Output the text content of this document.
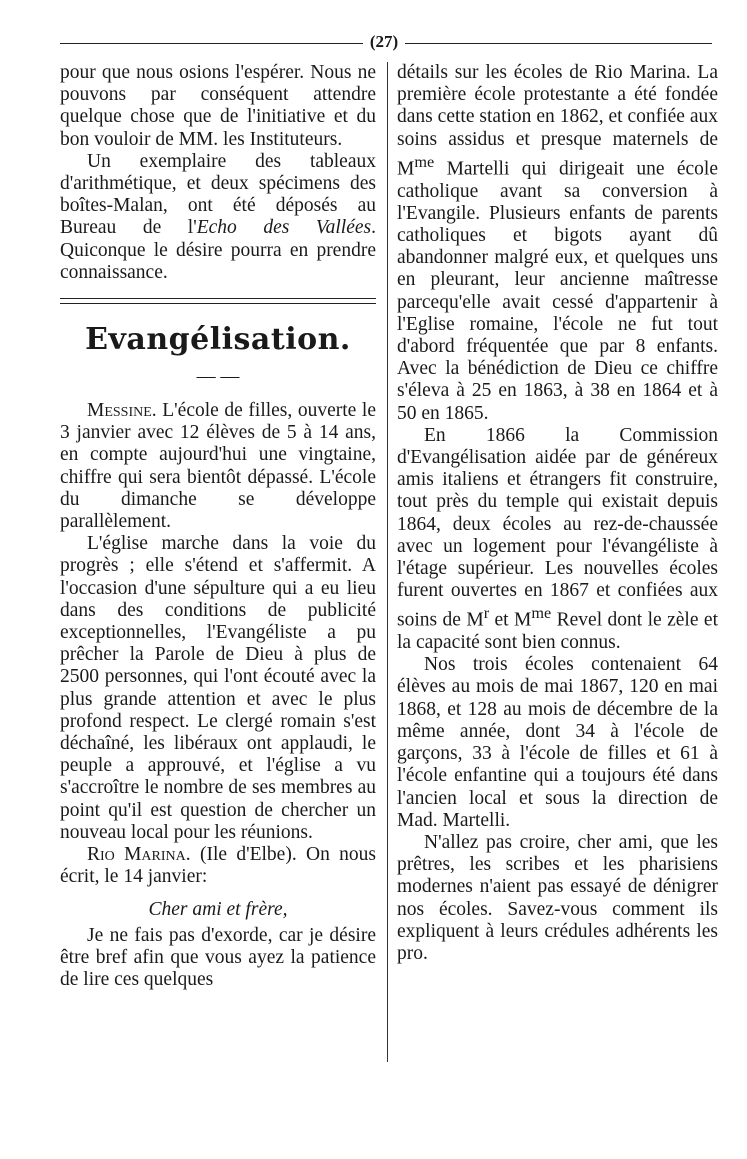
(27)

pour que nous osions l'espérer. Nous ne pouvons par conséquent attendre quelque chose que de l'initiative et du bon vouloir de MM. les Instituteurs.

Un exemplaire des tableaux d'arithmétique, et deux spécimens des boîtes-Malan, ont été déposés au Bureau de l'Echo des Vallées. Quiconque le désire pourra en prendre connaissance.

Evangélisation.
— —

Messine. L'école de filles, ouverte le 3 janvier avec 12 élèves de 5 à 14 ans, en compte aujourd'hui une vingtaine, chiffre qui sera bientôt dépassé. L'école du dimanche se développe parallèlement.

L'église marche dans la voie du progrès ; elle s'étend et s'affermit. A l'occasion d'une sépulture qui a eu lieu dans des conditions de publicité exceptionnelles, l'Evangéliste a pu prêcher la Parole de Dieu à plus de 2500 personnes, qui l'ont écouté avec la plus grande attention et avec le plus profond respect. Le clergé romain s'est déchaîné, les libéraux ont applaudi, le peuple a approuvé, et l'église a vu s'accroître le nombre de ses membres au point qu'il est question de chercher un nouveau local pour les réunions.

Rio Marina. (Ile d'Elbe). On nous écrit, le 14 janvier:

Cher ami et frère,

Je ne fais pas d'exorde, car je désire être bref afin que vous ayez la patience de lire ces quelques

détails sur les écoles de Rio Marina. La première école protestante a été fondée dans cette station en 1862, et confiée aux soins assidus et presque maternels de $M^{me}$ Martelli qui dirigeait une école catholique avant sa conversion à l'Evangile. Plusieurs enfants de parents catholiques et bigots ayant dû abandonner malgré eux, et quelques uns en pleurant, leur ancienne maîtresse parcequ'elle avait cessé d'appartenir à l'Eglise romaine, l'école ne fut tout d'abord fréquentée que par 8 enfants. Avec la bénédiction de Dieu ce chiffre s'éleva à 25 en 1863, à 38 en 1864 et à 50 en 1865.

En 1866 la Commission d'Evangélisation aidée par de généreux amis italiens et étrangers fit construire, tout près du temple qui existait depuis 1864, deux écoles au rez-de-chaussée avec un logement pour l'évangéliste à l'étage supérieur. Les nouvelles écoles furent ouvertes en 1867 et confiées aux soins de $M^r$ et $M^{me}$ Revel dont le zèle et la capacité sont bien connus.

Nos trois écoles contenaient 64 élèves au mois de mai 1867, 120 en mai 1868, et 128 au mois de décembre de la même année, dont 34 à l'école de garçons, 33 à l'école de filles et 61 à l'école enfantine qui a toujours été dans l'ancien local et sous la direction de Mad. Martelli.

N'allez pas croire, cher ami, que les prêtres, les scribes et les pharisiens modernes n'aient pas essayé de dénigrer nos écoles. Savez-vous comment ils expliquent à leurs crédules adhérents les pro.
